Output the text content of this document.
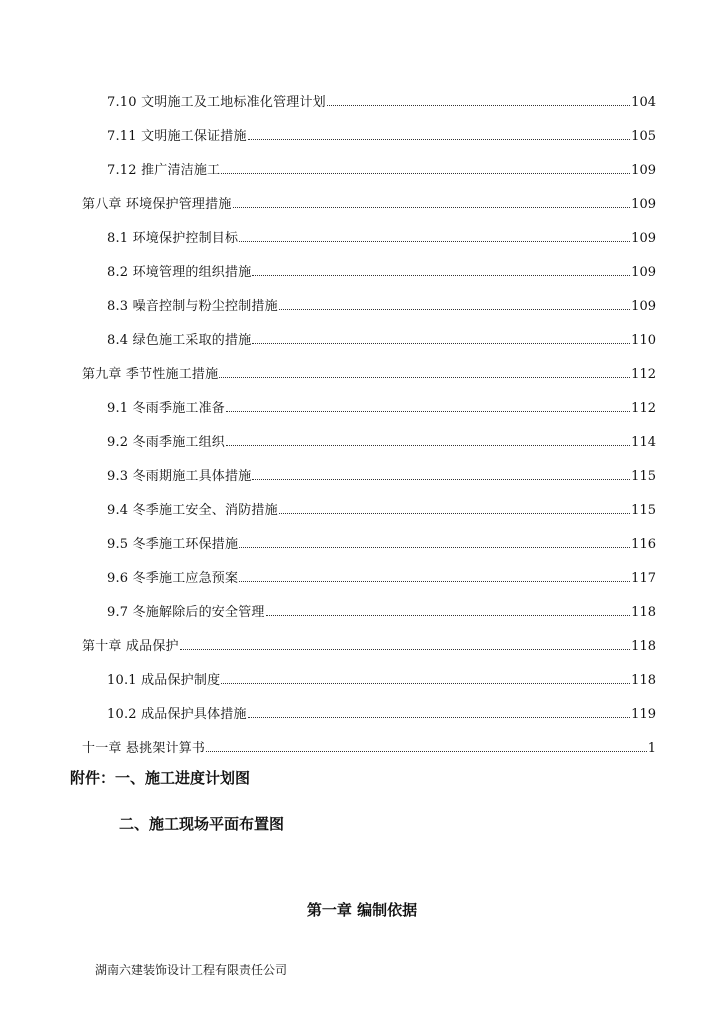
7.10 文明施工及工地标准化管理计划	104
7.11 文明施工保证措施	105
7.12 推广清洁施工	109
第八章 环境保护管理措施	109
8.1 环境保护控制目标	109
8.2 环境管理的组织措施	109
8.3 噪音控制与粉尘控制措施	109
8.4 绿色施工采取的措施	110
第九章 季节性施工措施	112
9.1 冬雨季施工准备	112
9.2 冬雨季施工组织	114
9.3 冬雨期施工具体措施	115
9.4 冬季施工安全、消防措施	115
9.5 冬季施工环保措施	116
9.6 冬季施工应急预案	117
9.7 冬施解除后的安全管理	118
第十章 成品保护	118
10.1 成品保护制度	118
10.2 成品保护具体措施	119
十一章 悬挑架计算书	1
附件：一、施工进度计划图
二、施工现场平面布置图
第一章 编制依据
湖南六建装饰设计工程有限责任公司
